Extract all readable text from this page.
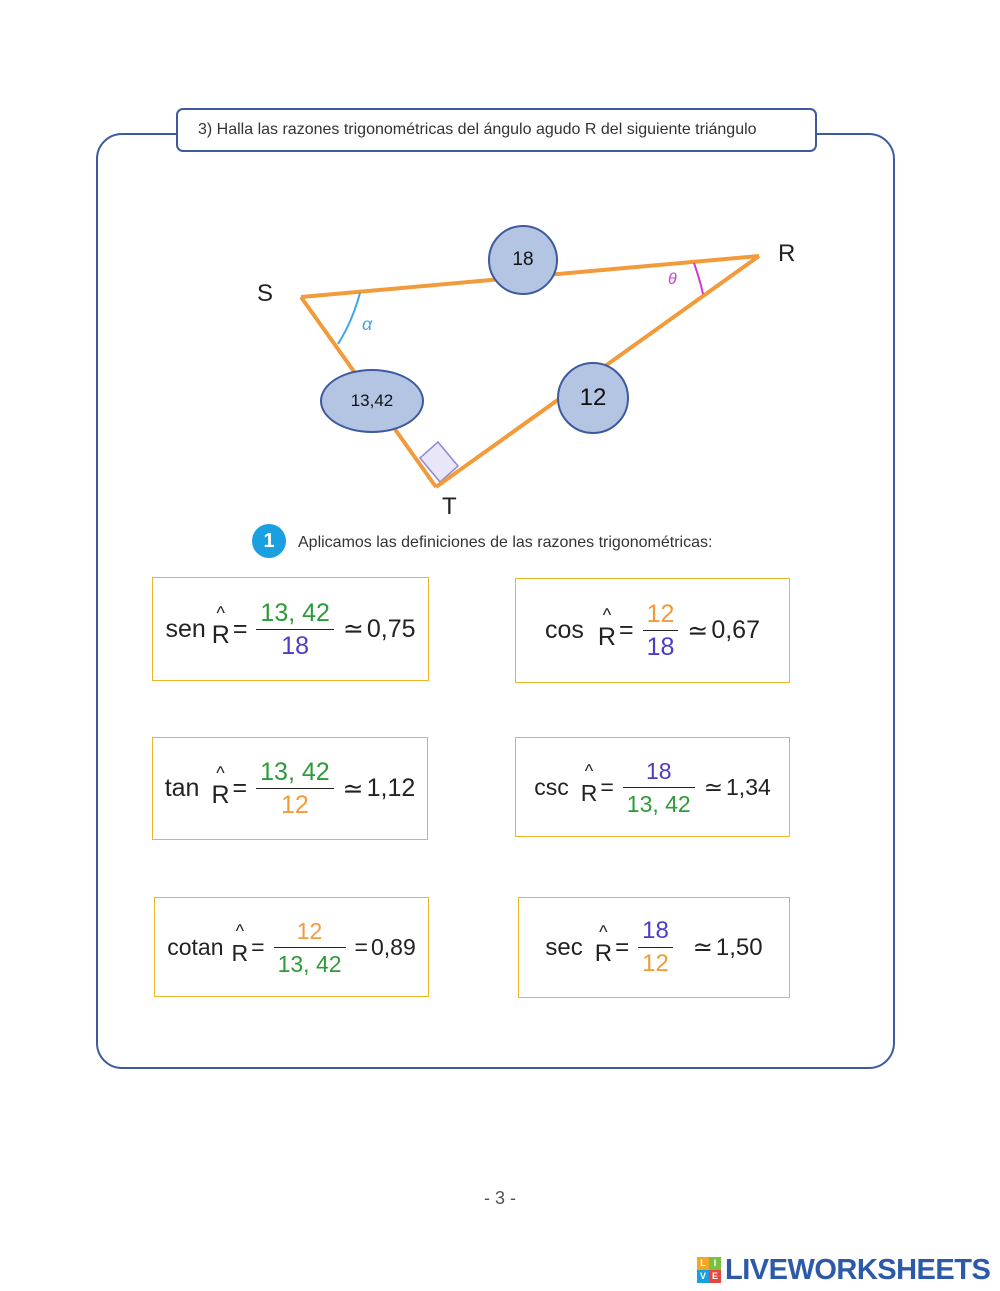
3) Halla las razones trigonométricas del ángulo agudo R del siguiente triángulo
S
R
T
α
θ
18
13,42	12
1	Aplicamos las definiciones de las razones trigonométricas:
sen
^
$R = \frac{13, 42}{18}$ ≃ 0,75	cos
^
$R = \frac{12}{18}$ ≃ 0,67
tan
^
$R = \frac{13, 42}{12}$ ≃ 1,12	csc
^
$R = \frac{18}{13, 42}$ ≃ 1,34
cotan
^
$R = \frac{12}{13, 42} = 0,89$	sec
^
$R = \frac{18}{12}$ ≃ 1,50
- 3 -
L I
V E LIVEWORKSHEETS
